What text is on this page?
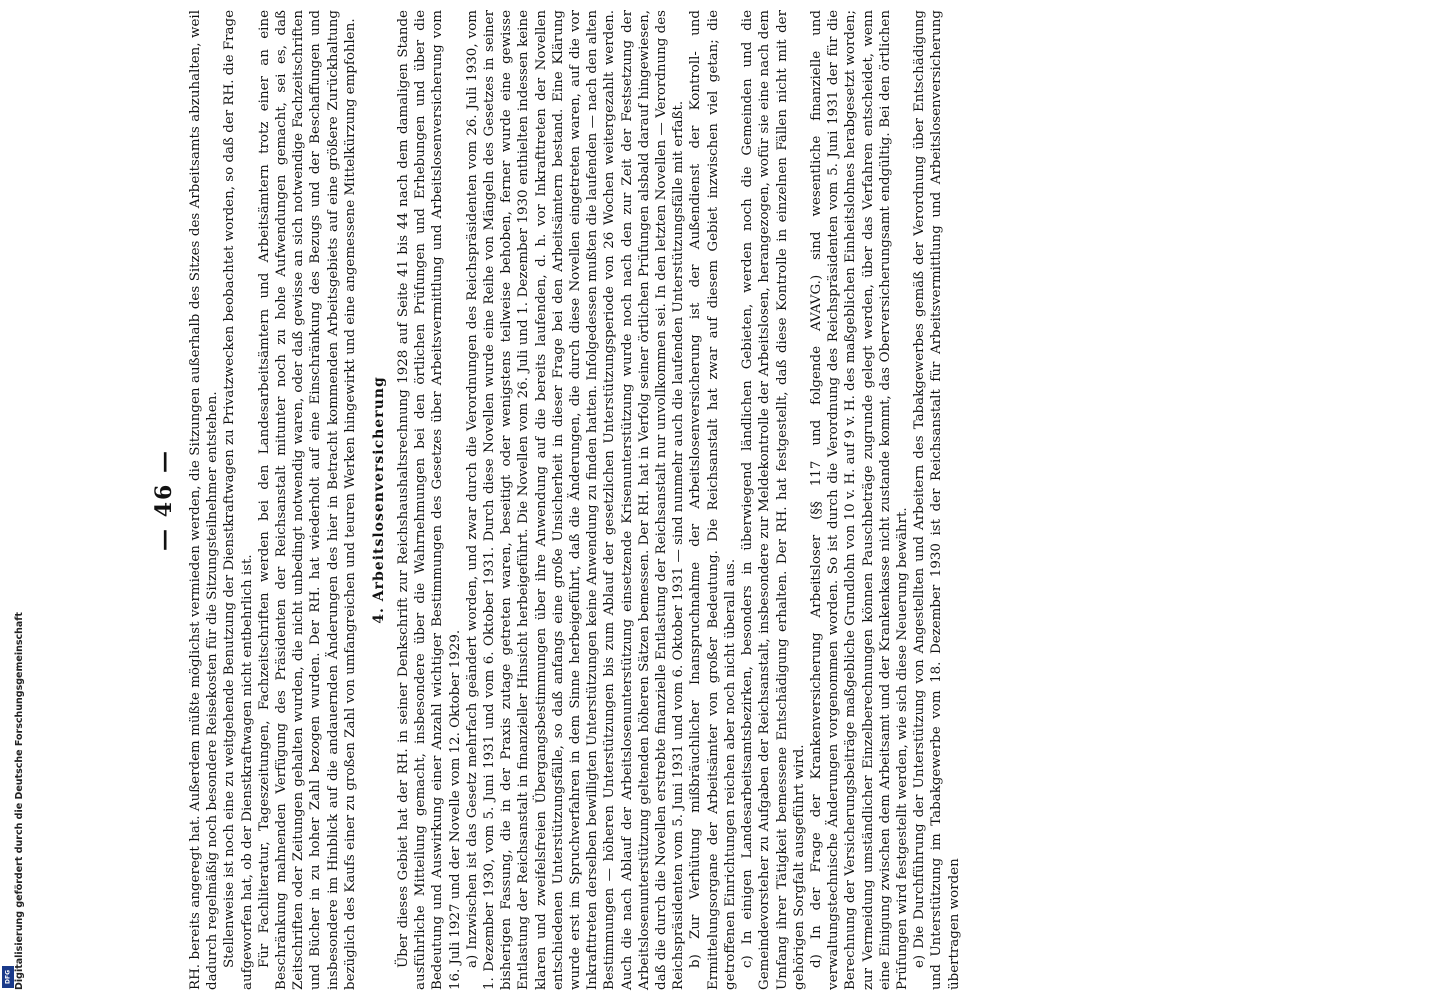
DFG Digitalisierung gefördert durch die Deutsche Forschungsgemeinschaft
— 46 — RH. bereits angeregt hat. Außerdem müßte möglichst vermieden werden, die Sitzungen außerhalb des Sitzes des Arbeitsamts abzuhalten, weil dadurch regelmäßig noch besondere Reisekosten für die Sitzungsteilnehmer entstehen. Stellenweise ist noch eine zu weitgehende Benutzung der Dienstkraftwagen zu Privatzwecken beobachtet worden, so daß der RH. die Frage aufgeworfen hat, ob der Dienstkraftwagen nicht entbehrlich ist. Für Fachliteratur, Tageszeitungen, Fachzeitschriften werden bei den Landesarbeitsämtern und Arbeitsämtern trotz einer an eine Beschränkung mahnenden Verfügung des Präsidenten der Reichsanstalt mitunter noch zu hohe Aufwendungen gemacht, sei es, daß Zeitschriften oder Zeitungen gehalten wurden, die nicht unbedingt notwendig waren, oder daß gewisse an sich notwendige Fachzeitschriften und Bücher in zu hoher Zahl bezogen wurden. Der RH. hat wiederholt auf eine Einschränkung des Bezugs und der Beschaffungen und insbesondere im Hinblick auf die andauernden Änderungen des hier in Betracht kommenden Arbeitsgebiets auf eine größere Zurückhaltung bezüglich des Kaufs einer zu großen Zahl von umfangreichen und teuren Werken hingewirkt und eine angemessene Mittelkürzung empfohlen. 4. Arbeitslosenversicherung Über dieses Gebiet hat der RH. in seiner Denkschrift zur Reichshaushaltsrechnung 1928 auf Seite 41 bis 44 nach dem damaligen Stande ausführliche Mitteilung gemacht, insbesondere über die Wahrnehmungen bei den örtlichen Prüfungen und Erhebungen und über die Bedeutung und Auswirkung einer Anzahl wichtiger Bestimmungen des Gesetzes über Arbeitsvermittlung und Arbeitslosenversicherung vom 16. Juli 1927 und der Novelle vom 12. Oktober 1929. a) Inzwischen ist das Gesetz mehrfach geändert worden, und zwar durch die Verordnungen des Reichspräsidenten vom 26. Juli 1930, vom 1. Dezember 1930, vom 5. Juni 1931 und vom 6. Oktober 1931. Durch diese Novellen wurde eine Reihe von Mängeln des Gesetzes in seiner bisherigen Fassung, die in der Praxis zutage getreten waren, beseitigt oder wenigstens teilweise behoben, ferner wurde eine gewisse Entlastung der Reichsanstalt in finanzieller Hinsicht herbeigeführt. Die Novellen vom 26. Juli und 1. Dezember 1930 enthielten indessen keine klaren und zweifelsfreien Übergangsbestimmungen über ihre Anwendung auf die bereits laufenden, d. h. vor Inkrafttreten der Novellen entschiedenen Unterstützungsfälle, so daß anfangs eine große Unsicherheit in dieser Frage bei den Arbeitsämtern bestand. Eine Klärung wurde erst im Spruchverfahren in dem Sinne herbeigeführt, daß die Änderungen, die durch diese Novellen eingetreten waren, auf die vor Inkrafttreten derselben bewilligten Unterstützungen keine Anwendung zu finden hatten. Infolgedessen mußten die laufenden — nach den alten Bestimmungen — höheren Unterstützungen bis zum Ablauf der gesetzlichen Unterstützungsperiode von 26 Wochen weitergezahlt werden. Auch die nach Ablauf der Arbeitslosenunterstützung einsetzende Krisenunterstützung wurde noch nach den zur Zeit der Festsetzung der Arbeitslosenunterstützung geltenden höheren Sätzen bemessen. Der RH. hat in Verfolg seiner örtlichen Prüfungen alsbald darauf hingewiesen, daß die durch die Novellen erstrebte finanzielle Entlastung der Reichsanstalt nur unvollkommen sei. In den letzten Novellen — Verordnung des Reichspräsidenten vom 5. Juni 1931 und vom 6. Oktober 1931 — sind nunmehr auch die laufenden Unterstützungsfälle mit erfaßt. b) Zur Verhütung mißbräuchlicher Inanspruchnahme der Arbeitslosenversicherung ist der Außendienst der Kontroll- und Ermittelungsorgane der Arbeitsämter von großer Bedeutung. Die Reichsanstalt hat zwar auf diesem Gebiet inzwischen viel getan; die getroffenen Einrichtungen reichen aber noch nicht überall aus. c) In einigen Landesarbeitsamtsbezirken, besonders in überwiegend ländlichen Gebieten, werden noch die Gemeinden und die Gemeindevorsteher zu Aufgaben der Reichsanstalt, insbesondere zur Meldekontrolle der Arbeitslosen, herangezogen, wofür sie eine nach dem Umfang ihrer Tätigkeit bemessene Entschädigung erhalten. Der RH. hat festgestellt, daß diese Kontrolle in einzelnen Fällen nicht mit der gehörigen Sorgfalt ausgeführt wird. d) In der Frage der Krankenversicherung Arbeitsloser (§§ 117 und folgende AVAVG.) sind wesentliche finanzielle und verwaltungstechnische Änderungen vorgenommen worden. So ist durch die Verordnung des Reichspräsidenten vom 5. Juni 1931 der für die Berechnung der Versicherungsbeiträge maßgebliche Grundlohn von 10 v. H. auf 9 v. H. des maßgeblichen Einheitslohnes herabgesetzt worden; zur Vermeidung umständlicher Einzelberechnungen können Pauschbeträge zugrunde gelegt werden, über das Verfahren entscheidet, wenn eine Einigung zwischen dem Arbeitsamt und der Krankenkasse nicht zustande kommt, das Oberversicherungsamt endgültig. Bei den örtlichen Prüfungen wird festgestellt werden, wie sich diese Neuerung bewährt. e) Die Durchführung der Unterstützung von Angestellten und Arbeitern des Tabakgewerbes gemäß der Verordnung über Entschädigung und Unterstützung im Tabakgewerbe vom 18. Dezember 1930 ist der Reichsanstalt für Arbeitsvermittlung und Arbeitslosenversicherung übertragen worden
